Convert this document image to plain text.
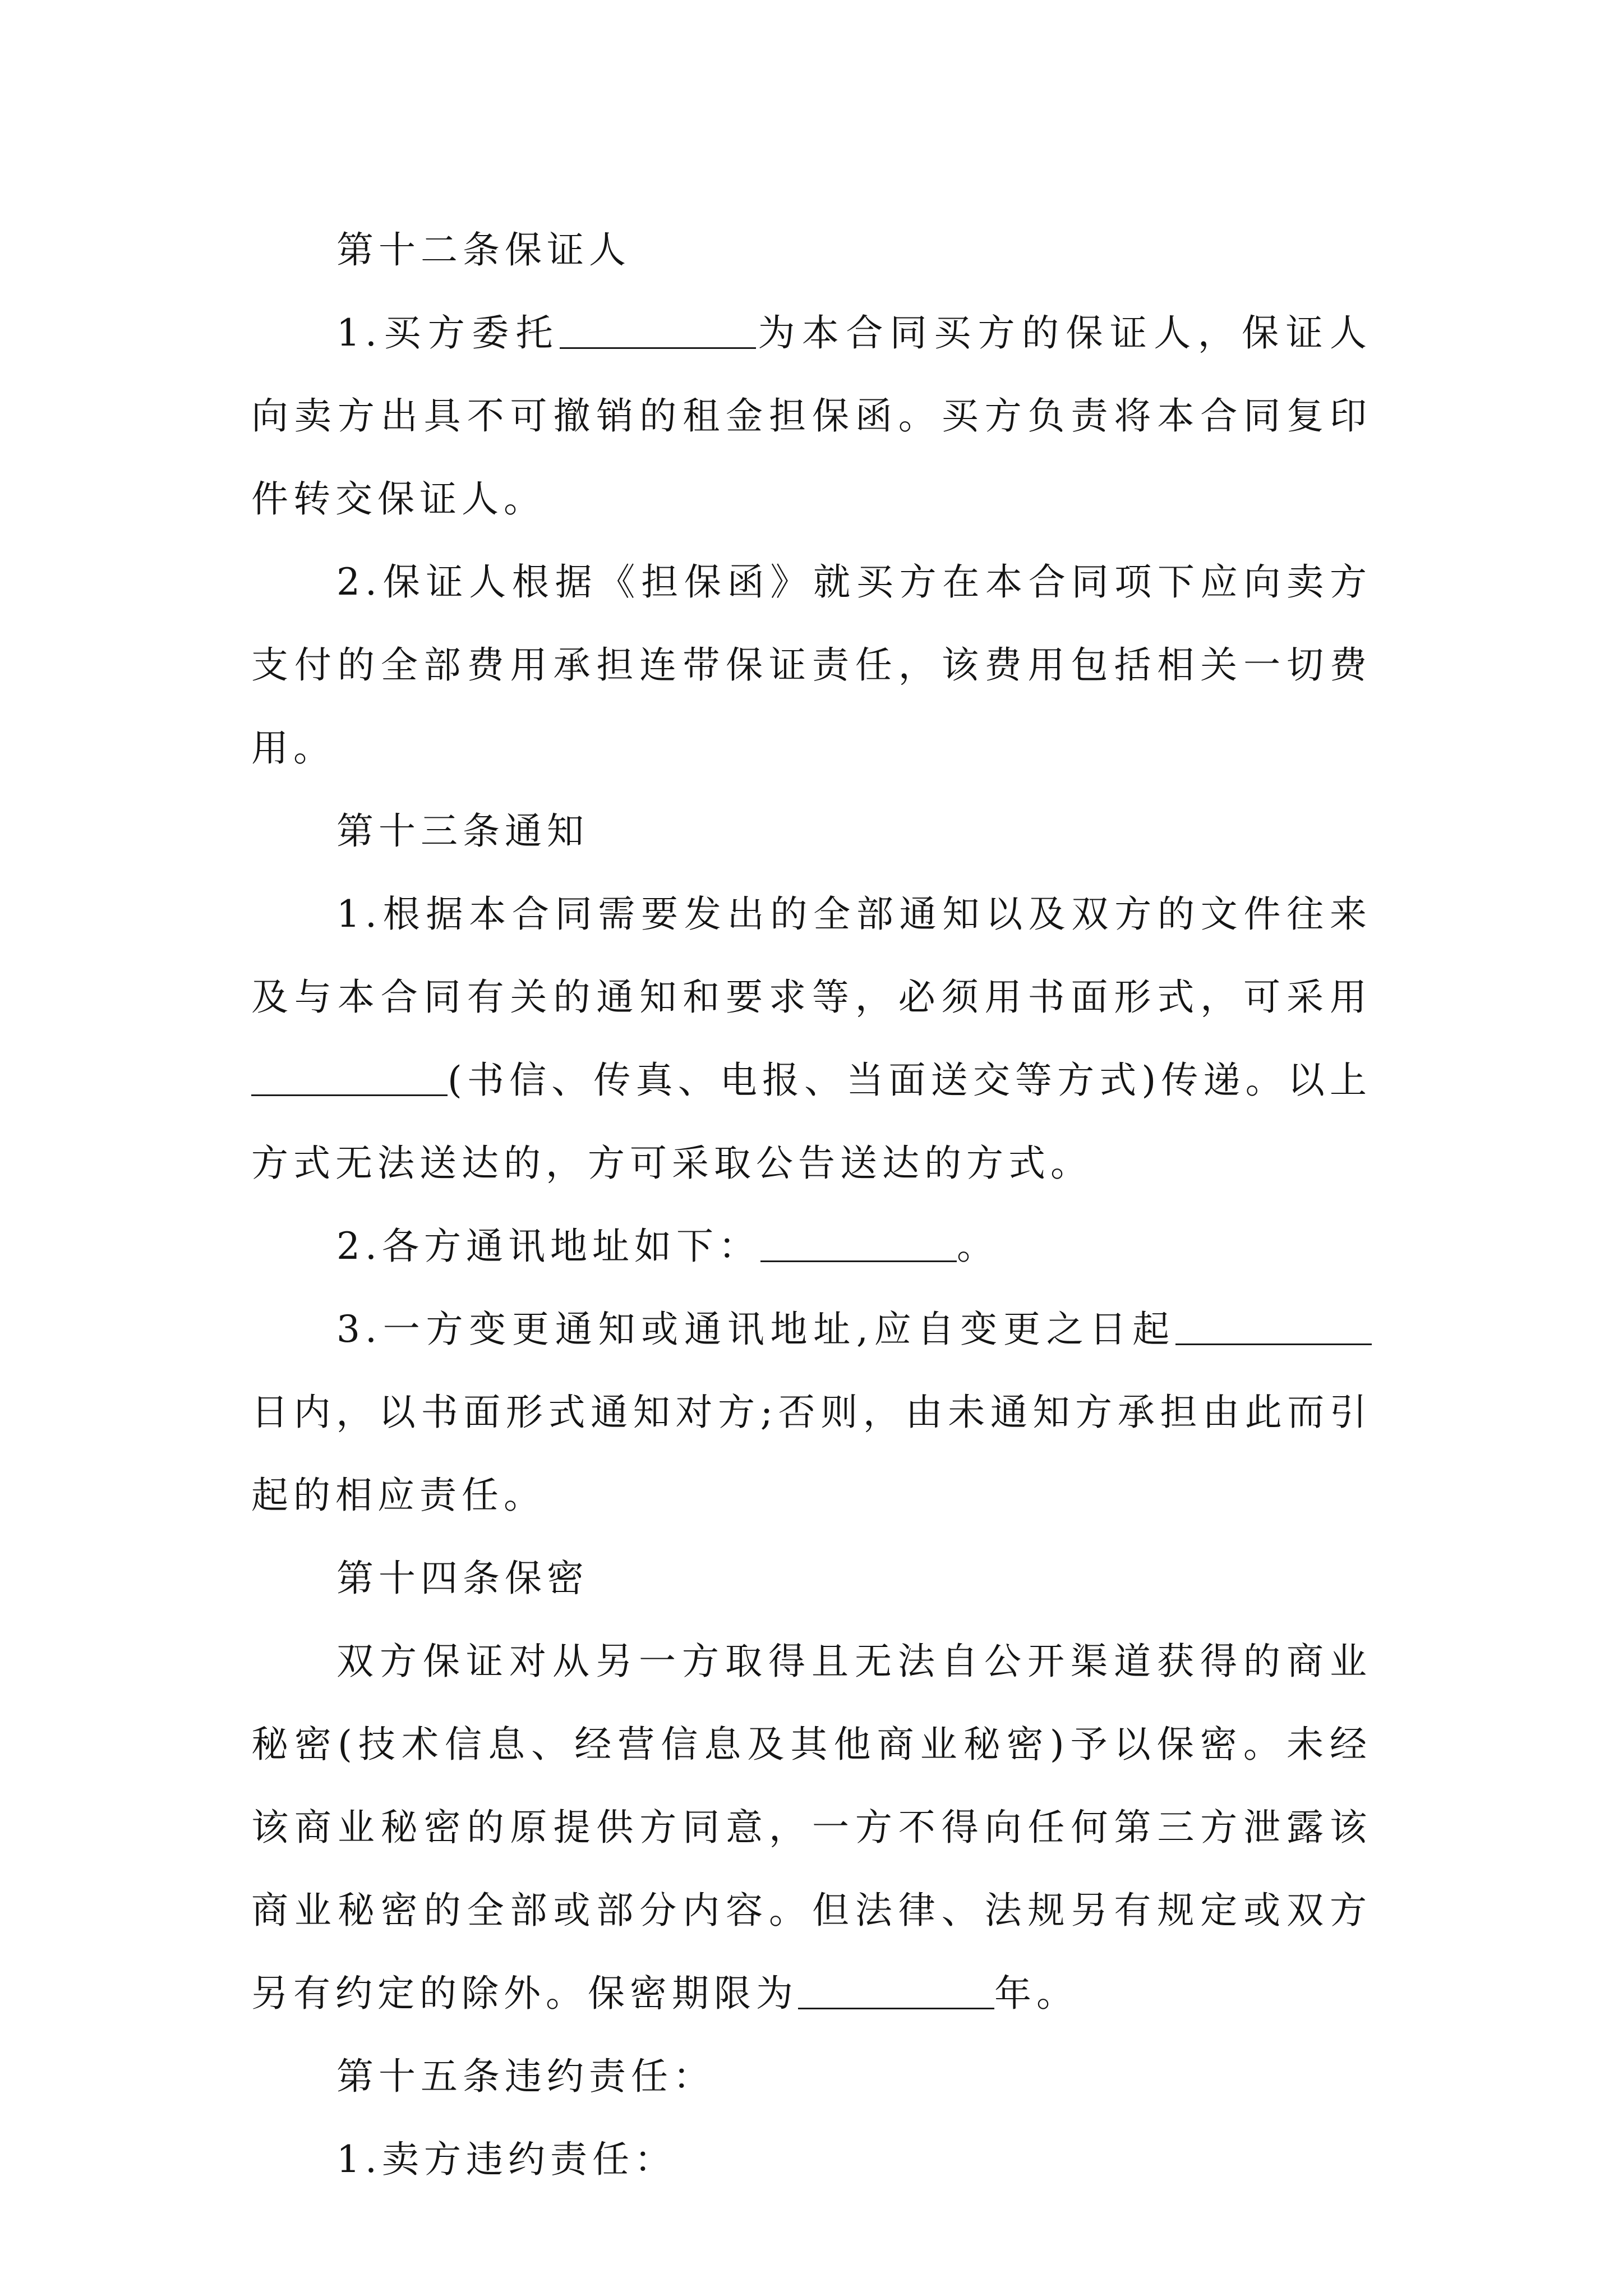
第十二条保证人

1.买方委托	为本合同买方的保证人，保证人向卖方出具不可撤销的租金担保函。买方负责将本合同复印件转交保证人。

2.保证人根据《担保函》就买方在本合同项下应向卖方支付的全部费用承担连带保证责任，该费用包括相关一切费用。

第十三条通知

1.根据本合同需要发出的全部通知以及双方的文件往来及与本合同有关的通知和要求等，必须用书面形式，可采用(书信、传真、电报、当面送交等方式)传递。以上方式无法送达的，方可采取公告送达的方式。

2.各方通讯地址如下：	。

3.一方变更通知或通讯地址,应自变更之日起日内，以书面形式通知对方;否则，由未通知方承担由此而引起的相应责任。

第十四条保密

双方保证对从另一方取得且无法自公开渠道获得的商业秘密(技术信息、经营信息及其他商业秘密)予以保密。未经该商业秘密的原提供方同意，一方不得向任何第三方泄露该商业秘密的全部或部分内容。但法律、法规另有规定或双方另有约定的除外。保密期限为	年。

第十五条违约责任：

1.卖方违约责任：
